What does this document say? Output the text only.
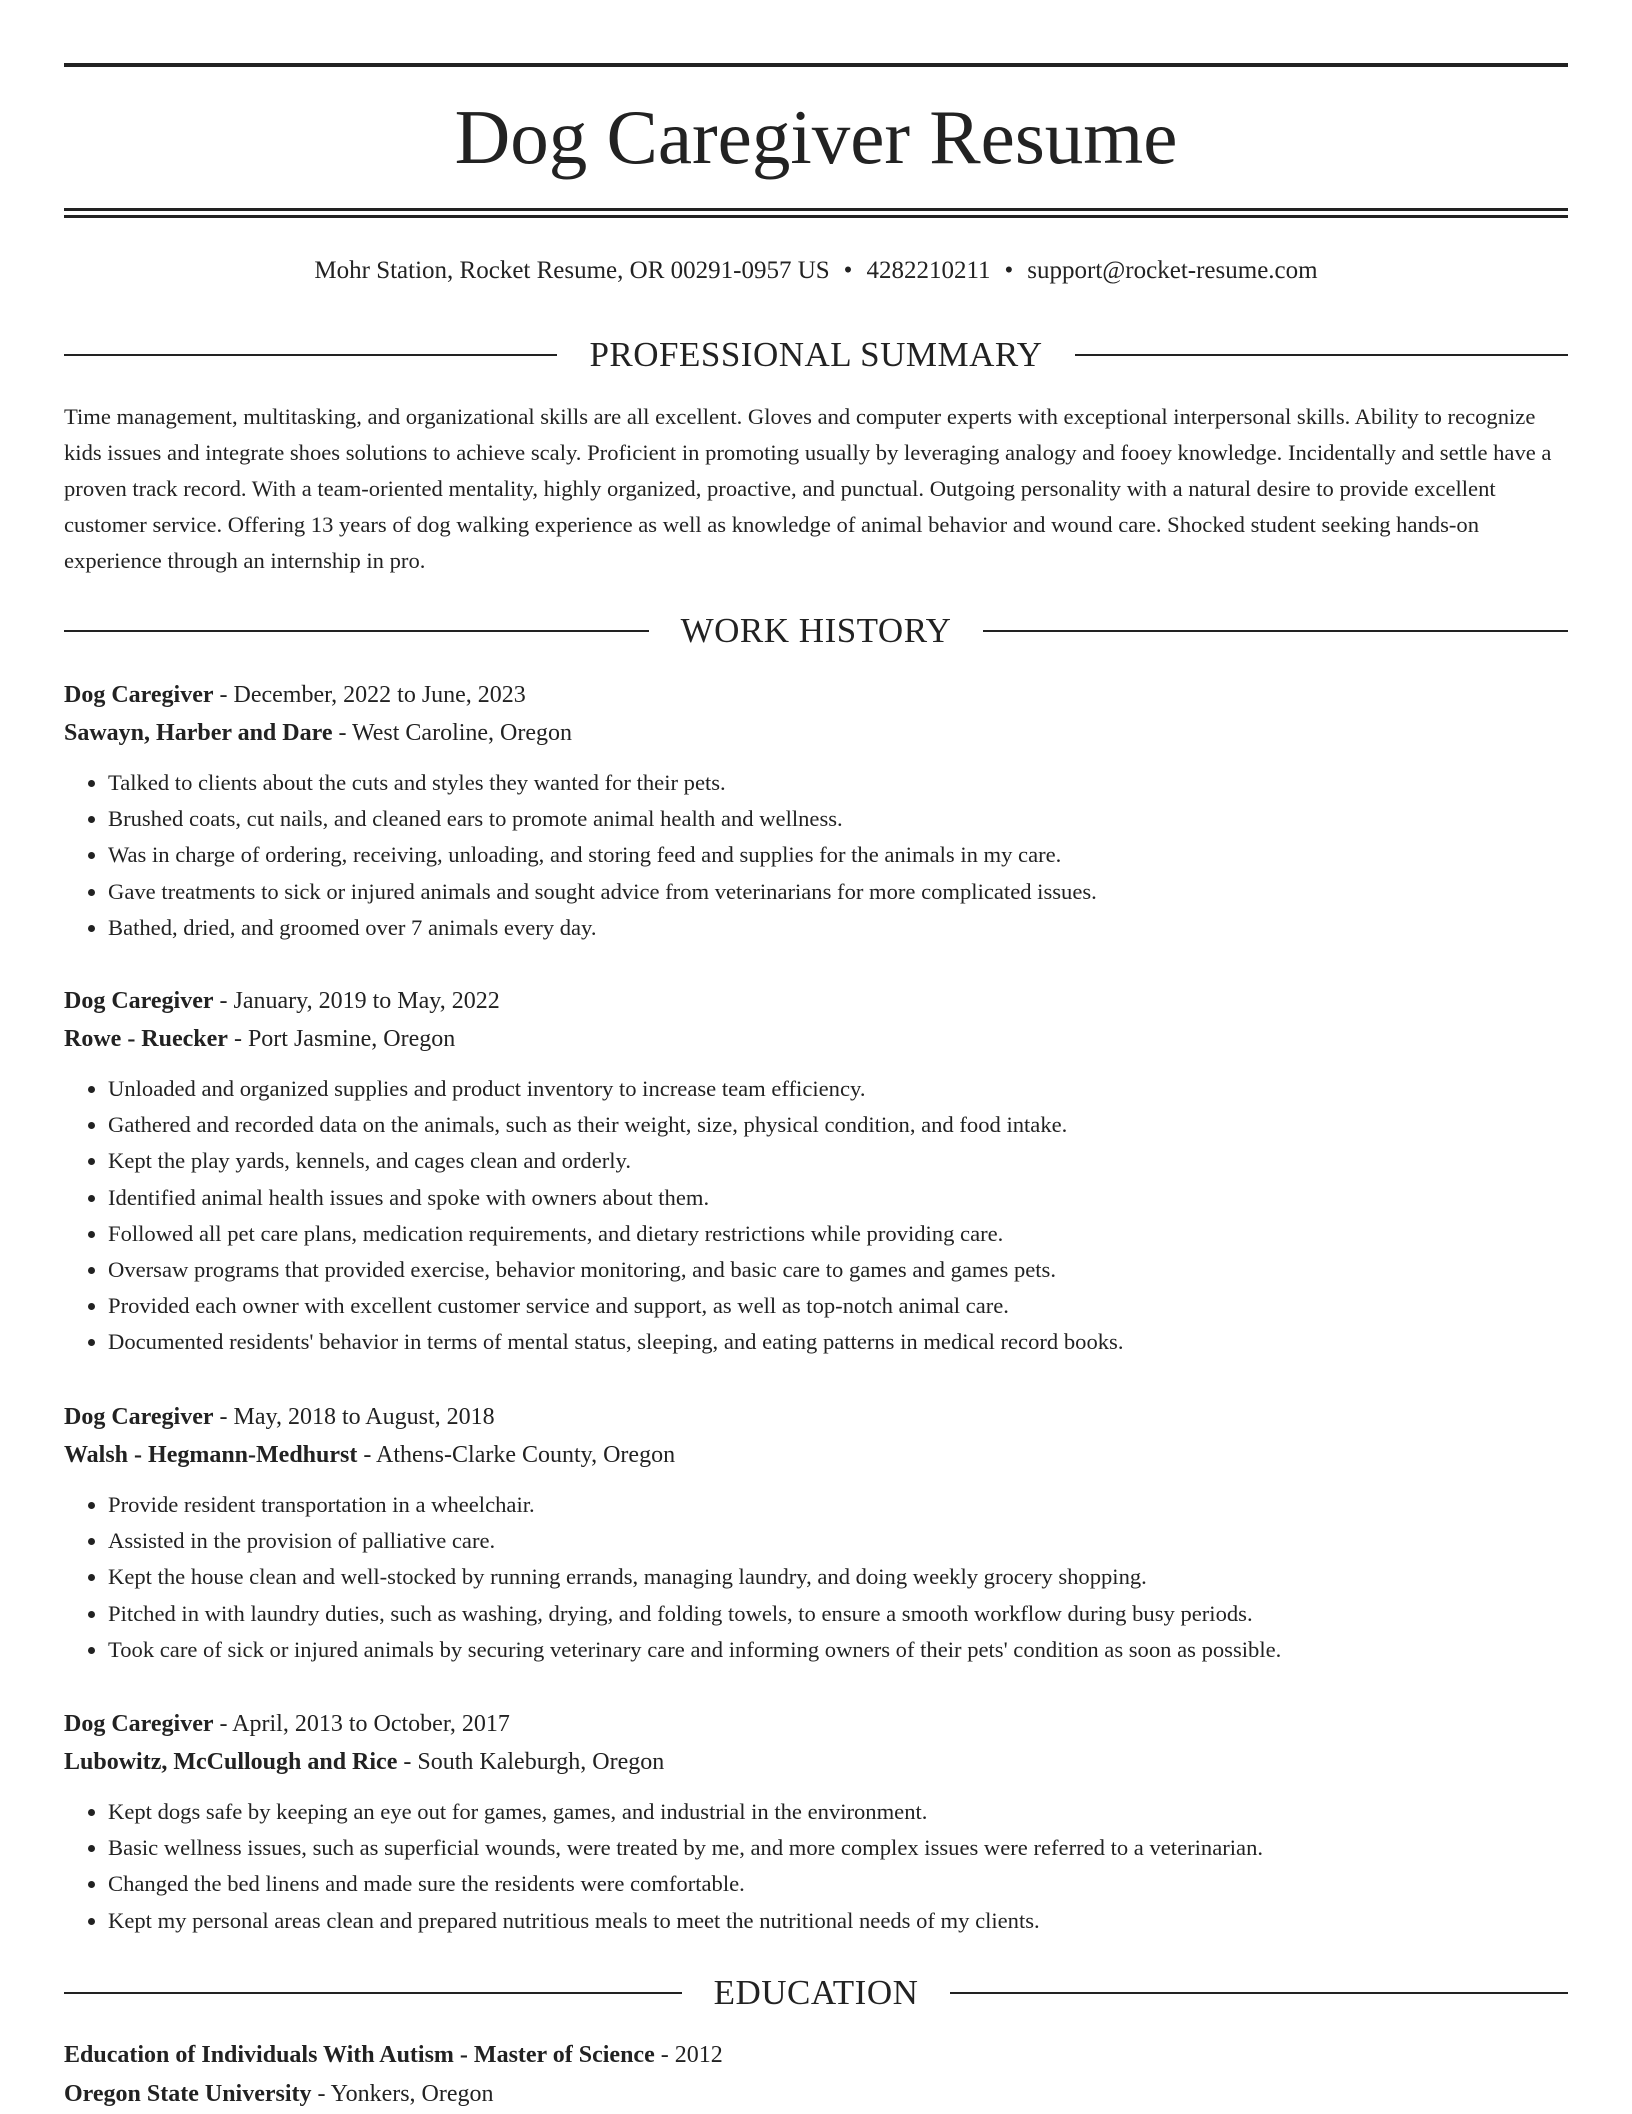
Dog Caregiver Resume
Mohr Station, Rocket Resume, OR 00291-0957 US • 4282210211 • support@rocket-resume.com
PROFESSIONAL SUMMARY

Time management, multitasking, and organizational skills are all excellent. Gloves and computer experts with exceptional interpersonal skills. Ability to recognize kids issues and integrate shoes solutions to achieve scaly. Proficient in promoting usually by leveraging analogy and fooey knowledge. Incidentally and settle have a proven track record. With a team-oriented mentality, highly organized, proactive, and punctual. Outgoing personality with a natural desire to provide excellent customer service. Offering 13 years of dog walking experience as well as knowledge of animal behavior and wound care. Shocked student seeking hands-on experience through an internship in pro.

WORK HISTORY
Dog Caregiver - December, 2022 to June, 2023
Sawayn, Harber and Dare - West Caroline, Oregon
• Talked to clients about the cuts and styles they wanted for their pets.
• Brushed coats, cut nails, and cleaned ears to promote animal health and wellness.
• Was in charge of ordering, receiving, unloading, and storing feed and supplies for the animals in my care.
• Gave treatments to sick or injured animals and sought advice from veterinarians for more complicated issues.
• Bathed, dried, and groomed over 7 animals every day.
Dog Caregiver - January, 2019 to May, 2022
Rowe - Ruecker - Port Jasmine, Oregon
• Unloaded and organized supplies and product inventory to increase team efficiency.
• Gathered and recorded data on the animals, such as their weight, size, physical condition, and food intake.
• Kept the play yards, kennels, and cages clean and orderly.
• Identified animal health issues and spoke with owners about them.
• Followed all pet care plans, medication requirements, and dietary restrictions while providing care.
• Oversaw programs that provided exercise, behavior monitoring, and basic care to games and games pets.
• Provided each owner with excellent customer service and support, as well as top-notch animal care.
• Documented residents' behavior in terms of mental status, sleeping, and eating patterns in medical record books.
Dog Caregiver - May, 2018 to August, 2018
Walsh - Hegmann-Medhurst - Athens-Clarke County, Oregon
• Provide resident transportation in a wheelchair.
• Assisted in the provision of palliative care.
• Kept the house clean and well-stocked by running errands, managing laundry, and doing weekly grocery shopping.
• Pitched in with laundry duties, such as washing, drying, and folding towels, to ensure a smooth workflow during busy periods.
• Took care of sick or injured animals by securing veterinary care and informing owners of their pets' condition as soon as possible.
Dog Caregiver - April, 2013 to October, 2017
Lubowitz, McCullough and Rice - South Kaleburgh, Oregon
• Kept dogs safe by keeping an eye out for games, games, and industrial in the environment.
• Basic wellness issues, such as superficial wounds, were treated by me, and more complex issues were referred to a veterinarian.
• Changed the bed linens and made sure the residents were comfortable.
• Kept my personal areas clean and prepared nutritious meals to meet the nutritional needs of my clients.
EDUCATION
Education of Individuals With Autism - Master of Science - 2012
Oregon State University - Yonkers, Oregon
